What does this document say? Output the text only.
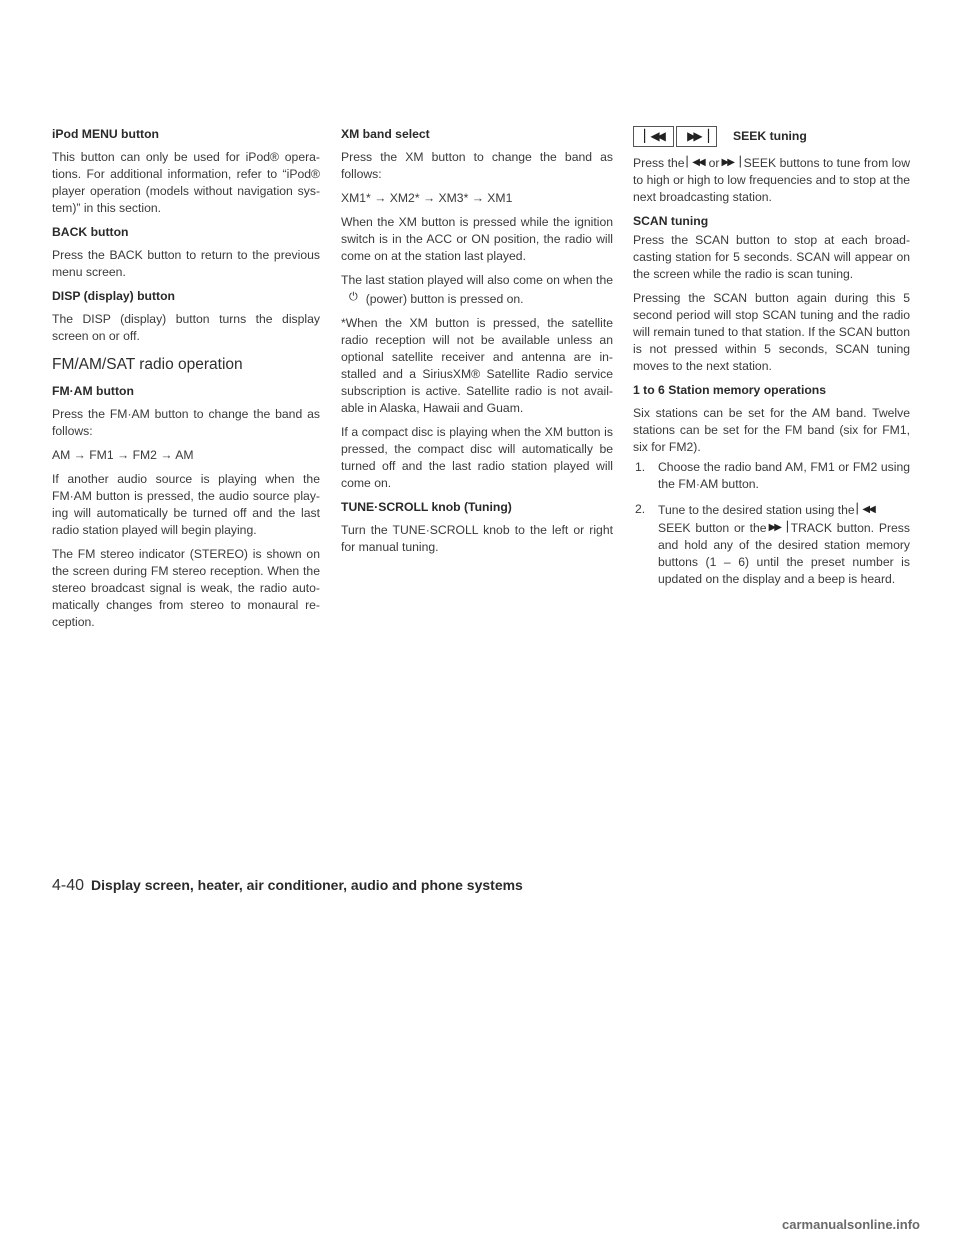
iPod MENU button
This button can only be used for iPod® opera-tions. For additional information, refer to “iPod® player operation (models without navigation sys-tem)” in this section.
BACK button
Press the BACK button to return to the previous menu screen.
DISP (display) button
The DISP (display) button turns the display screen on or off.
FM/AM/SAT radio operation
FM·AM button
Press the FM·AM button to change the band as follows:
AM → FM1 → FM2 → AM
If another audio source is playing when the FM·AM button is pressed, the audio source play-ing will automatically be turned off and the last radio station played will begin playing.
The FM stereo indicator (STEREO) is shown on the screen during FM stereo reception. When the stereo broadcast signal is weak, the radio auto-matically changes from stereo to monaural re-ception.
XM band select
Press the XM button to change the band as follows:
XM1* → XM2* → XM3* → XM1
When the XM button is pressed while the ignition switch is in the ACC or ON position, the radio will come on at the station last played.
The last station played will also come on when the⏻ (power) button is pressed on.
*When the XM button is pressed, the satellite radio reception will not be available unless an optional satellite receiver and antenna are in-stalled and a SiriusXM® Satellite Radio service subscription is active. Satellite radio is not avail-able in Alaska, Hawaii and Guam.
If a compact disc is playing when the XM button is pressed, the compact disc will automatically be turned off and the last radio station played will come on.
TUNE·SCROLL knob (Tuning)
Turn the TUNE·SCROLL knob to the left or right for manual tuning.
▏◀◀	▶▶▕	SEEK tuning
Press the ▏◀◀ or ▶▶▕ SEEK buttons to tune from low to high or high to low frequencies and to stop at the next broadcasting station.
SCAN tuning
Press the SCAN button to stop at each broad-casting station for 5 seconds. SCAN will appear on the screen while the radio is scan tuning.
Pressing the SCAN button again during this 5 second period will stop SCAN tuning and the radio will remain tuned to that station. If the SCAN button is not pressed within 5 seconds, SCAN tuning moves to the next station.
1 to 6 Station memory operations
Six stations can be set for the AM band. Twelve stations can be set for the FM band (six for FM1, six for FM2).
1. Choose the radio band AM, FM1 or FM2 using the FM·AM button.
2. Tune to the desired station using the ▏◀◀
SEEK button or the ▶▶▕ TRACK button. Press and hold any of the desired station memory buttons (1 – 6) until the preset number is updated on the display and a beep is heard.
4-40 Display screen, heater, air conditioner, audio and phone systems
carmanualsonline.info
